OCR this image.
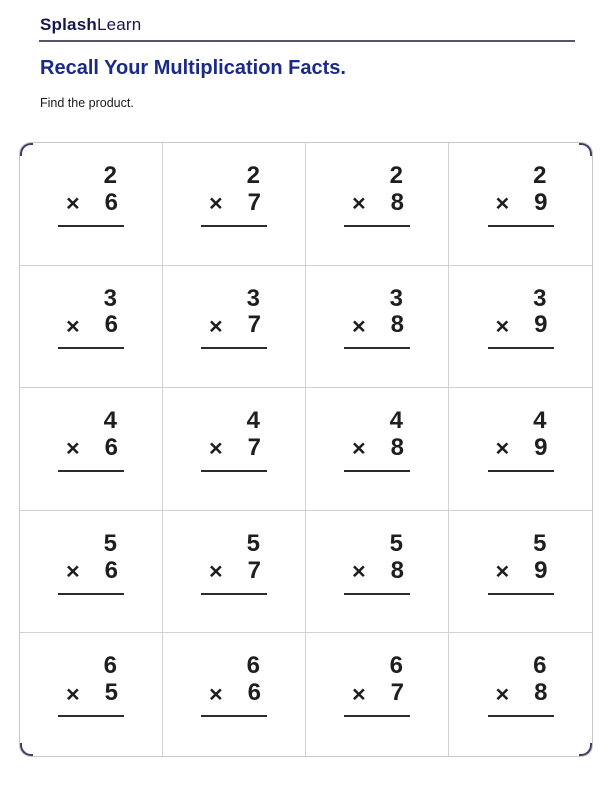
SplashLearn
Recall Your Multiplication Facts.
Find the product.
2
× 6
2
× 7
2
× 8
2
× 9
3
× 6
3
× 7
3
× 8
3
× 9
4
× 6
4
× 7
4
× 8
4
× 9
5
× 6
5
× 7
5
× 8
5
× 9
6
× 5
6
× 6
6
× 7
6
× 8
